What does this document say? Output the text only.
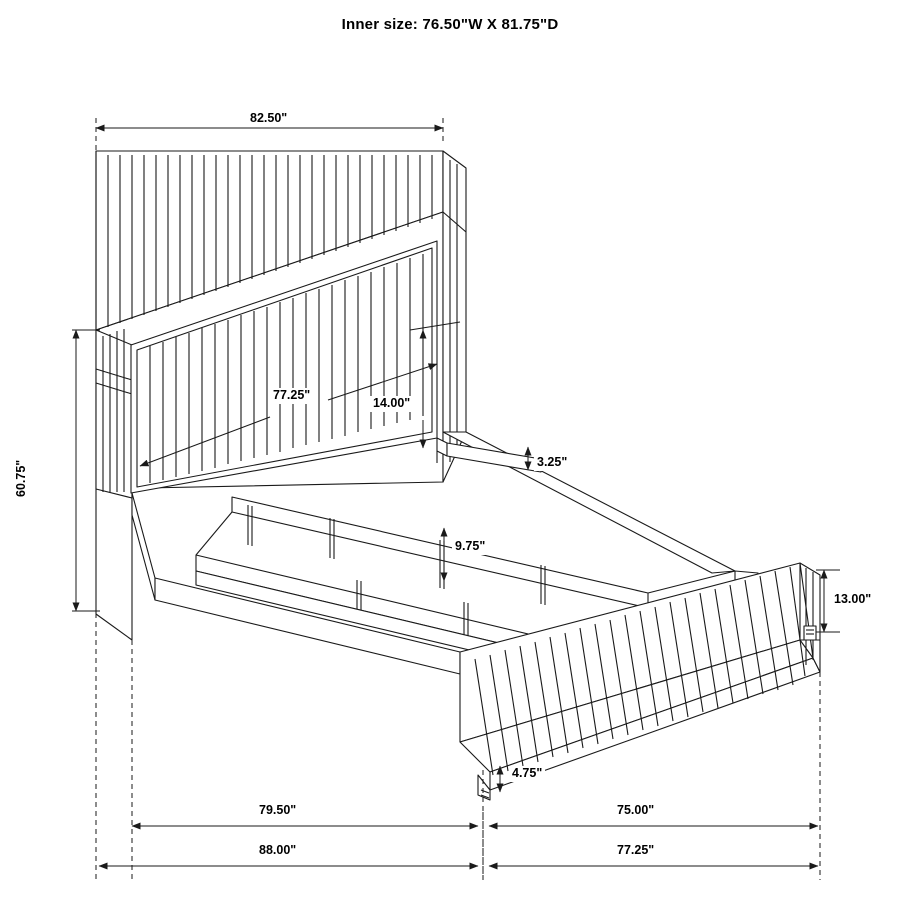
Inner size: 76.50"W X 81.75"D
82.50"
60.75"
77.25"
14.00"
3.25"
9.75"
13.00"
4.75"
79.50"	75.00"
88.00"	77.25"
